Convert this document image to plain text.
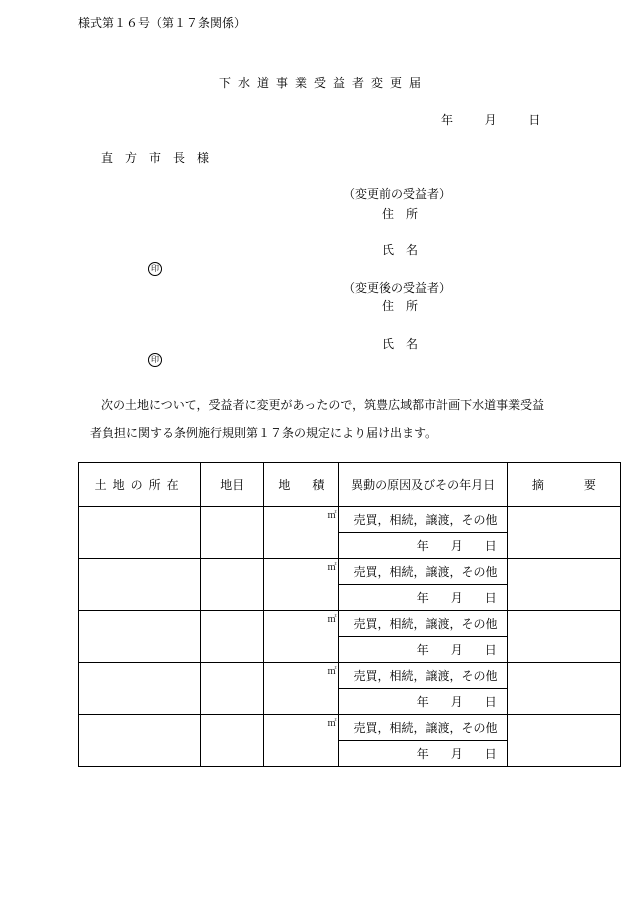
様式第１６号（第１７条関係）
下水道事業受益者変更届
年	月	日
直方市長様
（変更前の受益者）
住　所
氏　名
印
（変更後の受益者）
住　所
氏　名
印
次の土地について，受益者に変更があったので，筑豊広域都市計画下水道事業受益
者負担に関する条例施行規則第１７条の規定により届け出ます。
土地の所在	地目	地 積	異動の原因及びその年月日	摘 要

		㎡	売買，相続，譲渡，その他	
			年 月 日	

		㎡	売買，相続，譲渡，その他	
			年 月 日	

		㎡	売買，相続，譲渡，その他	
			年 月 日	

		㎡	売買，相続，譲渡，その他	
			年 月 日	

		㎡	売買，相続，譲渡，その他	
			年 月 日	
